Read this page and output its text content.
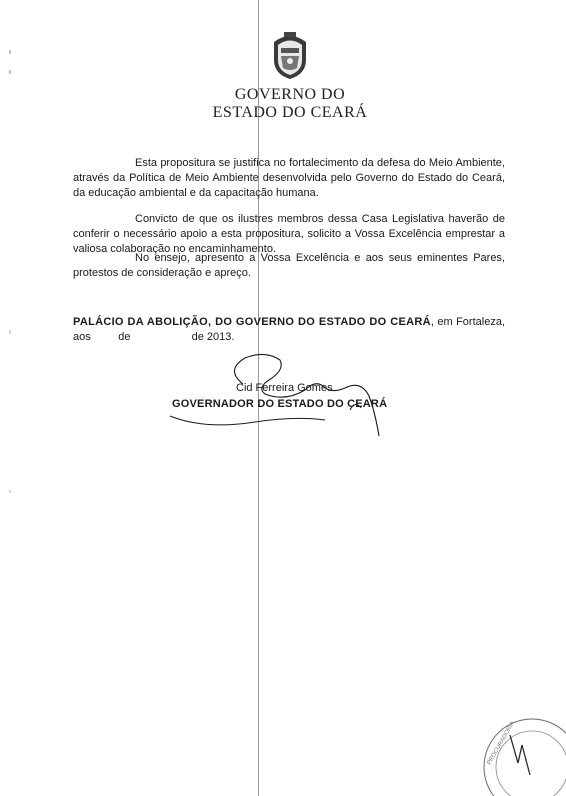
GOVERNO DO
ESTADO DO CEARÁ

Esta propositura se justifica no fortalecimento da defesa do Meio Ambiente, através da Política de Meio Ambiente desenvolvida pelo Governo do Estado do Ceará, da educação ambiental e da capacitação humana.

Convicto de que os ilustres membros dessa Casa Legislativa haverão de conferir o necessário apoio a esta propositura, solicito a Vossa Excelência emprestar a valiosa colaboração no encaminhamento.

No ensejo, apresento a Vossa Excelência e aos seus eminentes Pares, protestos de consideração e apreço.

PALÁCIO DA ABOLIÇÃO, DO GOVERNO DO ESTADO DO CEARÁ, em Fortaleza, aos         de                    de 2013.

Cid Ferreira Gomes
GOVERNADOR DO ESTADO DO CEARÁ
PROCURADORIA
